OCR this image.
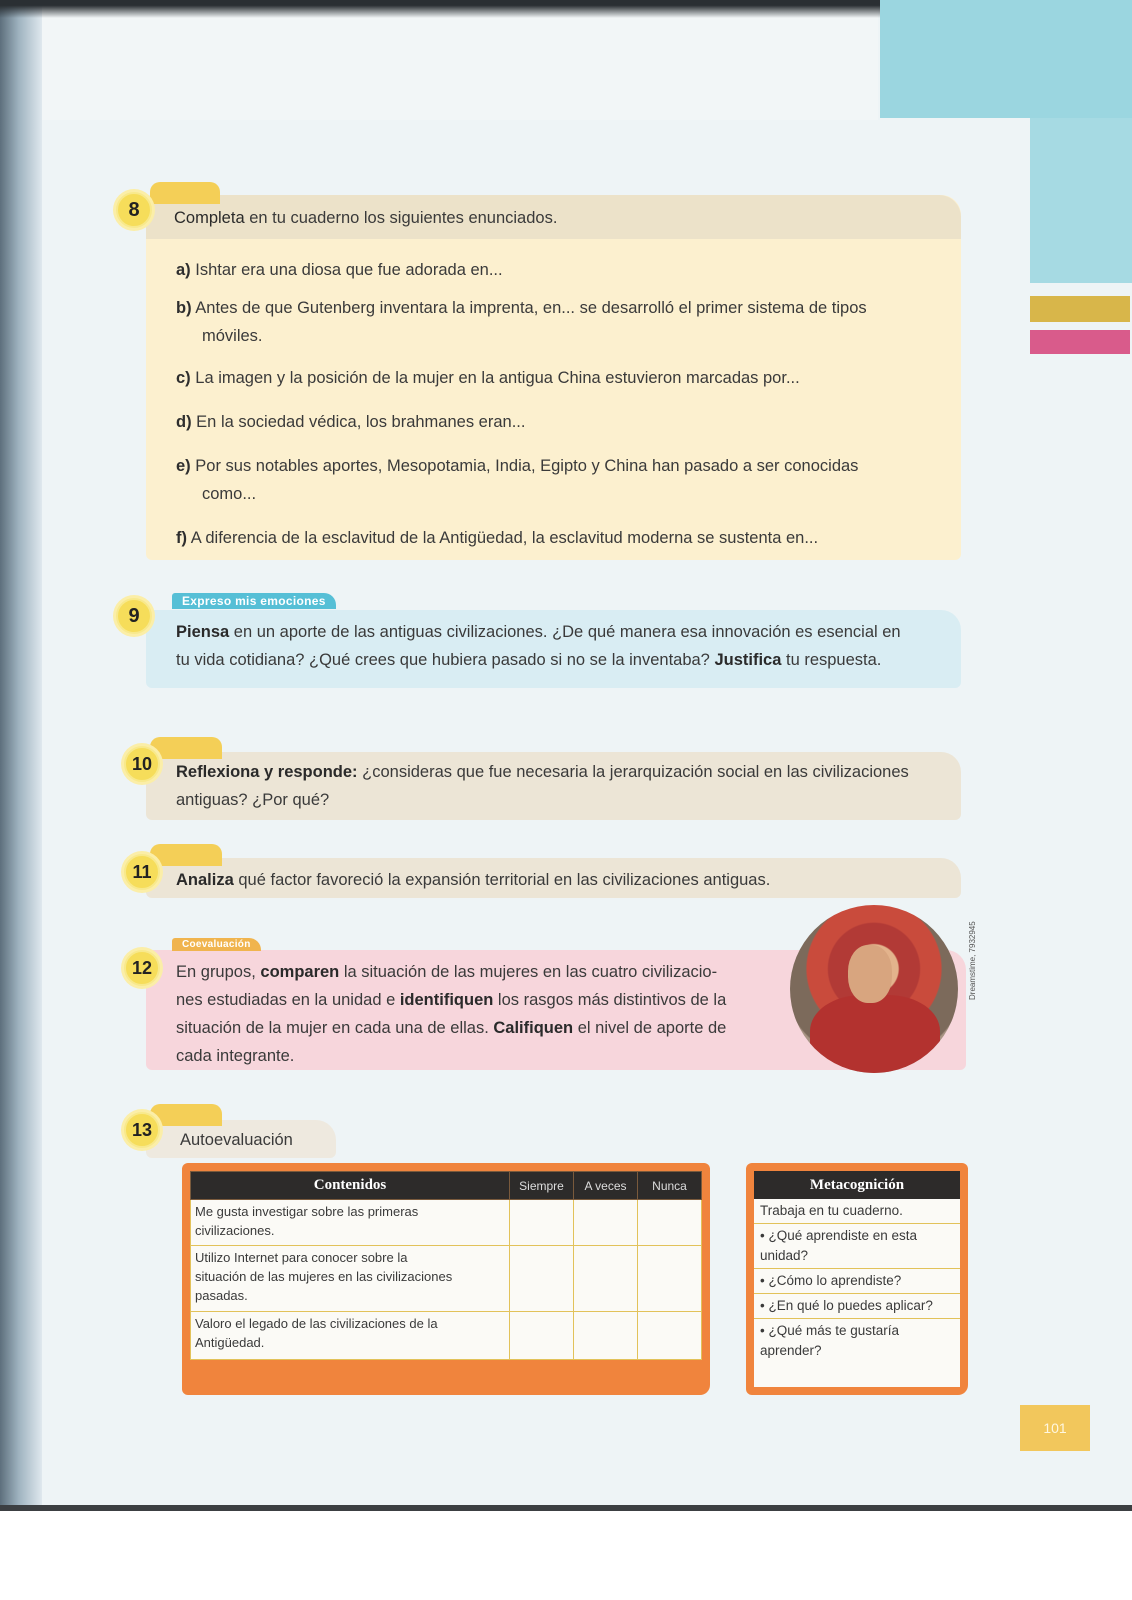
101
8	Completa en tu cuaderno los siguientes enunciados.
a) Ishtar era una diosa que fue adorada en...
b) Antes de que Gutenberg inventara la imprenta, en... se desarrolló el primer sistema de tipos
móviles.
c) La imagen y la posición de la mujer en la antigua China estuvieron marcadas por...
d) En la sociedad védica, los brahmanes eran...
e) Por sus notables aportes, Mesopotamia, India, Egipto y China han pasado a ser conocidas
como...
f) A diferencia de la esclavitud de la Antigüedad, la esclavitud moderna se sustenta en...
Expreso mis emociones
9
Piensa en un aporte de las antiguas civilizaciones. ¿De qué manera esa innovación es esencial en
tu vida cotidiana? ¿Qué crees que hubiera pasado si no se la inventaba? Justifica tu respuesta.
10	Reflexiona y responde: ¿consideras que fue necesaria la jerarquización social en las civilizaciones
antiguas? ¿Por qué?
11	Analiza qué factor favoreció la expansión territorial en las civilizaciones antiguas.
Coevaluación
12	En grupos, comparen la situación de las mujeres en las cuatro civilizacio-
nes estudiadas en la unidad e identifiquen los rasgos más distintivos de la
situación de la mujer en cada una de ellas. Califiquen el nivel de aporte de
cada integrante.
Dreamstime, 7932945
13	Autoevaluación
Contenidos	Siempre	A veces	Nunca

Me gusta investigar sobre las primeras
civilizaciones.			

Utilizo Internet para conocer sobre la
situación de las mujeres en las civilizaciones
pasadas.			

Valoro el legado de las civilizaciones de la
Antigüedad.			

Metacognición
Trabaja en tu cuaderno.
• ¿Qué aprendiste en esta unidad?
• ¿Cómo lo aprendiste?
• ¿En qué lo puedes aplicar?
• ¿Qué más te gustaría aprender?
